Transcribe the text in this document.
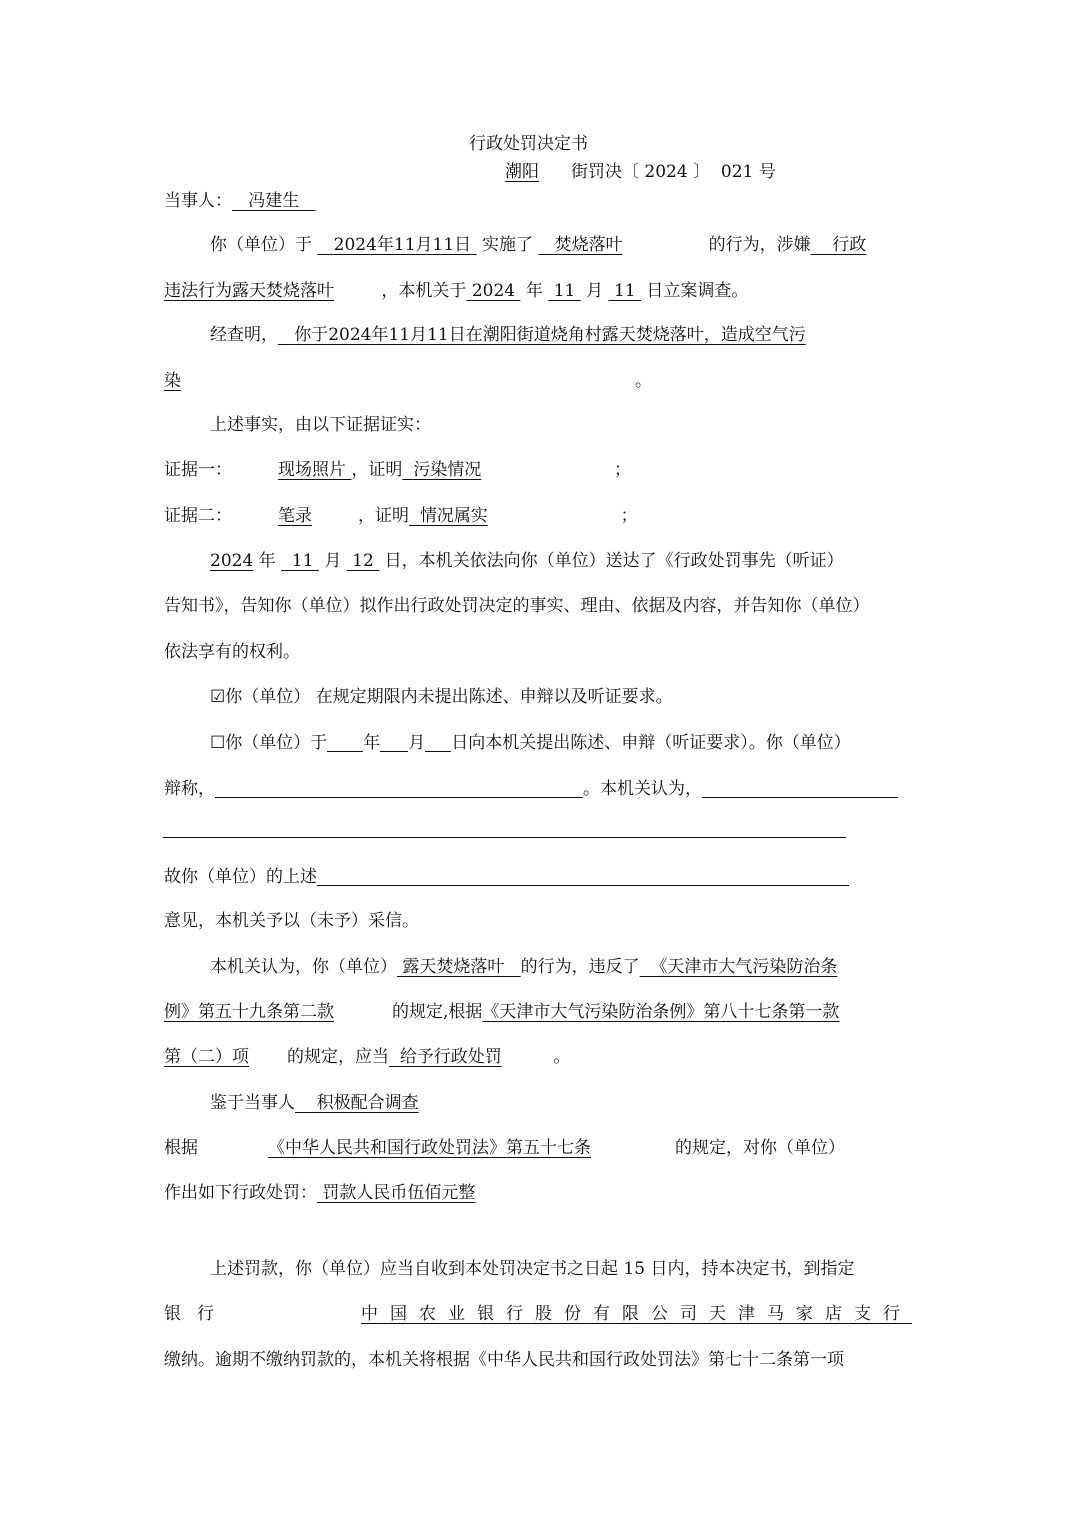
行政处罚决定书
潮阳 街罚决〔 2024 〕 021 号
当事人： 冯建生
你（单位）于    2024年11月11日  实施了    焚烧落叶	的行为，涉嫌 行政
违法行为露天焚烧落叶 ，本机关于 2024  年  11  月  11  日立案调查。
经查明， 你于2024年11月11日在潮阳街道烧角村露天焚烧落叶，造成空气污
染	。
上述事实，由以下证据证实：
证据一：	现场照片 ，证明 污染情况	；
证据二：	笔录	，证明 情况属实	；
2024 年   11  月  12  日，本机关依法向你（单位）送达了《行政处罚事先（听证）
告知书》，告知你（单位）拟作出行政处罚决定的事实、理由、依据及内容，并告知你（单位）
依法享有的权利。
☑你（单位） 在规定期限内未提出陈述、申辩以及听证要求。
☐你（单位）于 年 月 日向本机关提出陈述、申辩（听证要求）。你（单位）
辩称，	。本机关认为，
故你（单位）的上述
意见，本机关予以（未予）采信。
本机关认为，你（单位） 露天焚烧落叶 的行为，违反了 《天津市大气污染防治条
例》第五十九条第二款	的规定,根据《天津市大气污染防治条例》第八十七条第一款
第（二）项 的规定，应当 给予行政处罚	。
鉴于当事人 积极配合调查
根据	《中华人民共和国行政处罚法》第五十七条	的规定，对你（单位）
作出如下行政处罚： 罚款人民币伍佰元整
上述罚款，你（单位）应当自收到本处罚决定书之日起 15 日内，持本决定书，到指定
银行	中国农业银行股份有限公司天津马家店支行
缴纳。逾期不缴纳罚款的，本机关将根据《中华人民共和国行政处罚法》第七十二条第一项
